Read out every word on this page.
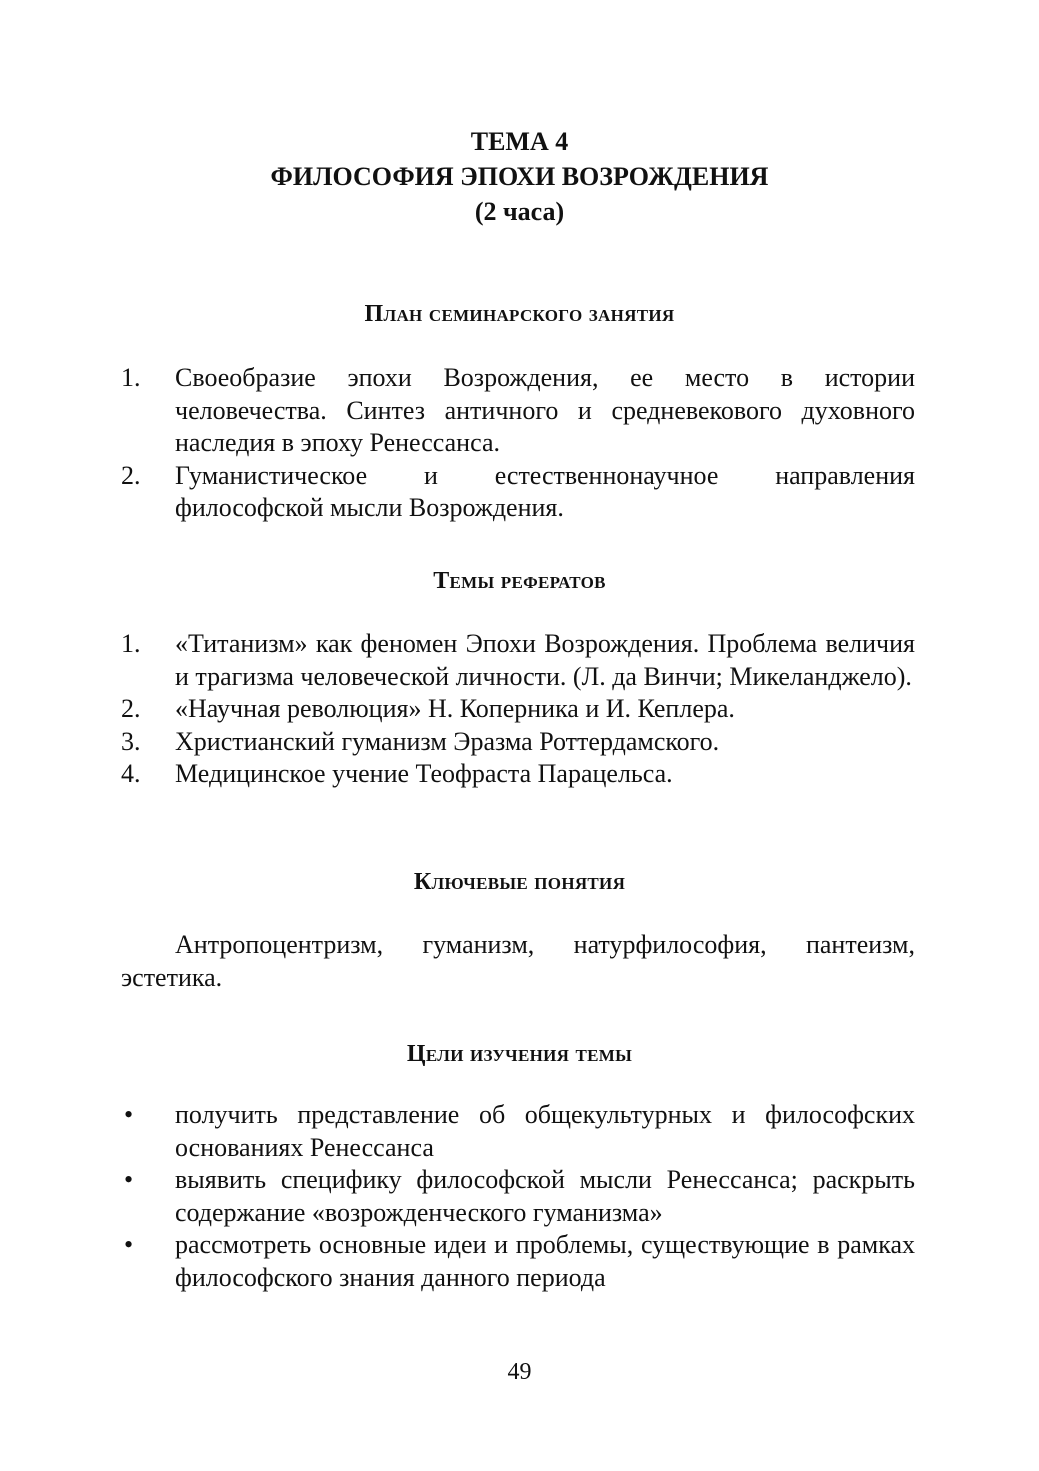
ТЕМА 4
ФИЛОСОФИЯ ЭПОХИ ВОЗРОЖДЕНИЯ
(2 часа)
План семинарского занятия
1.	Своеобразие эпохи Возрождения, ее место в истории человечества. Синтез античного и средневекового духовного наследия в эпоху Ренессанса.
2.	Гуманистическое и естественнонаучное направления философской мысли Возрождения.
Темы рефератов
1.	«Титанизм» как феномен Эпохи Возрождения. Проблема величия и трагизма человеческой личности. (Л. да Винчи; Микеланджело).
2.	«Научная революция» Н. Коперника и И. Кеплера.
3.	Христианский гуманизм Эразма Роттердамского.
4.	Медицинское учение Теофраста Парацельса.
Ключевые понятия
Антропоцентризм, гуманизм, натурфилософия, пантеизм, эстетика.
Цели изучения темы
•	получить представление об общекультурных и философских основаниях Ренессанса
•	выявить специфику философской мысли Ренессанса; раскрыть содержание «возрожденческого гуманизма»
•	рассмотреть основные идеи и проблемы, существующие в рамках философского знания данного периода
49
